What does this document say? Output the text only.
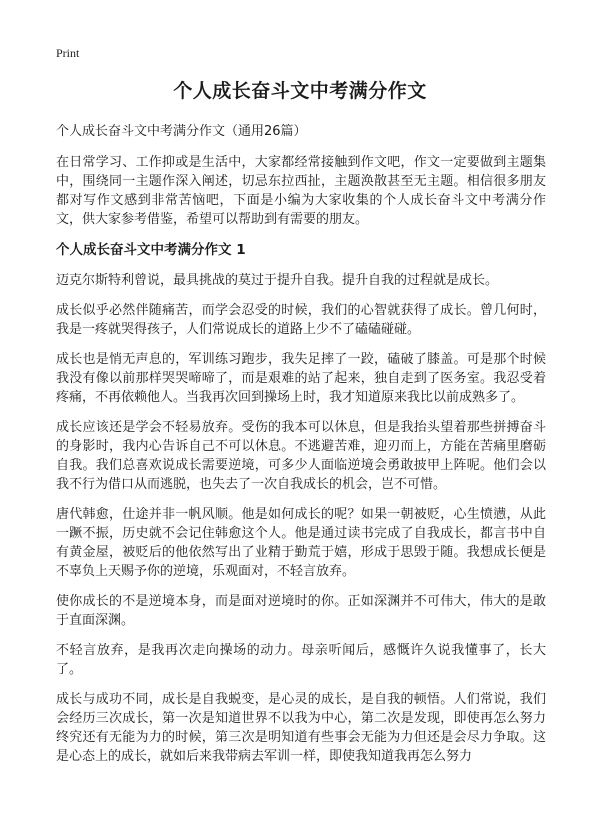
Print
个人成长奋斗文中考满分作文

个人成长奋斗文中考满分作文（通用26篇）

在日常学习、工作抑或是生活中，大家都经常接触到作文吧，作文一定要做到主题集中，围绕同一主题作深入阐述，切忌东拉西扯，主题涣散甚至无主题。相信很多朋友都对写作文感到非常苦恼吧，下面是小编为大家收集的个人成长奋斗文中考满分作文，供大家参考借鉴，希望可以帮助到有需要的朋友。

个人成长奋斗文中考满分作文 1

迈克尔斯特利曾说，最具挑战的莫过于提升自我。提升自我的过程就是成长。

成长似乎必然伴随痛苦，而学会忍受的时候，我们的心智就获得了成长。曾几何时，我是一疼就哭得孩子，人们常说成长的道路上少不了磕磕碰碰。

成长也是悄无声息的，军训练习跑步，我失足摔了一跤，磕破了膝盖。可是那个时候我没有像以前那样哭哭啼啼了，而是艰难的站了起来，独自走到了医务室。我忍受着疼痛，不再依赖他人。当我再次回到操场上时，我才知道原来我比以前成熟多了。

成长应该还是学会不轻易放弃。受伤的我本可以休息，但是我抬头望着那些拼搏奋斗的身影时，我内心告诉自己不可以休息。不逃避苦难，迎刃而上，方能在苦痛里磨砺自我。我们总喜欢说成长需要逆境，可多少人面临逆境会勇敢披甲上阵呢。他们会以我不行为借口从而逃脱，也失去了一次自我成长的机会，岂不可惜。

唐代韩愈，仕途并非一帆风顺。他是如何成长的呢？如果一朝被贬，心生愤懑，从此一蹶不振，历史就不会记住韩愈这个人。他是通过读书完成了自我成长，都言书中自有黄金屋，被贬后的他依然写出了业精于勤荒于嬉，形成于思毁于随。我想成长便是不辜负上天赐予你的逆境，乐观面对，不轻言放弃。

使你成长的不是逆境本身，而是面对逆境时的你。正如深渊并不可伟大，伟大的是敢于直面深渊。

不轻言放弃，是我再次走向操场的动力。母亲听闻后，感慨许久说我懂事了，长大了。

成长与成功不同，成长是自我蜕变，是心灵的成长，是自我的顿悟。人们常说，我们会经历三次成长，第一次是知道世界不以我为中心，第二次是发现，即使再怎么努力终究还有无能为力的时候，第三次是明知道有些事会无能为力但还是会尽力争取。这是心态上的成长，就如后来我带病去军训一样，即使我知道我再怎么努力
